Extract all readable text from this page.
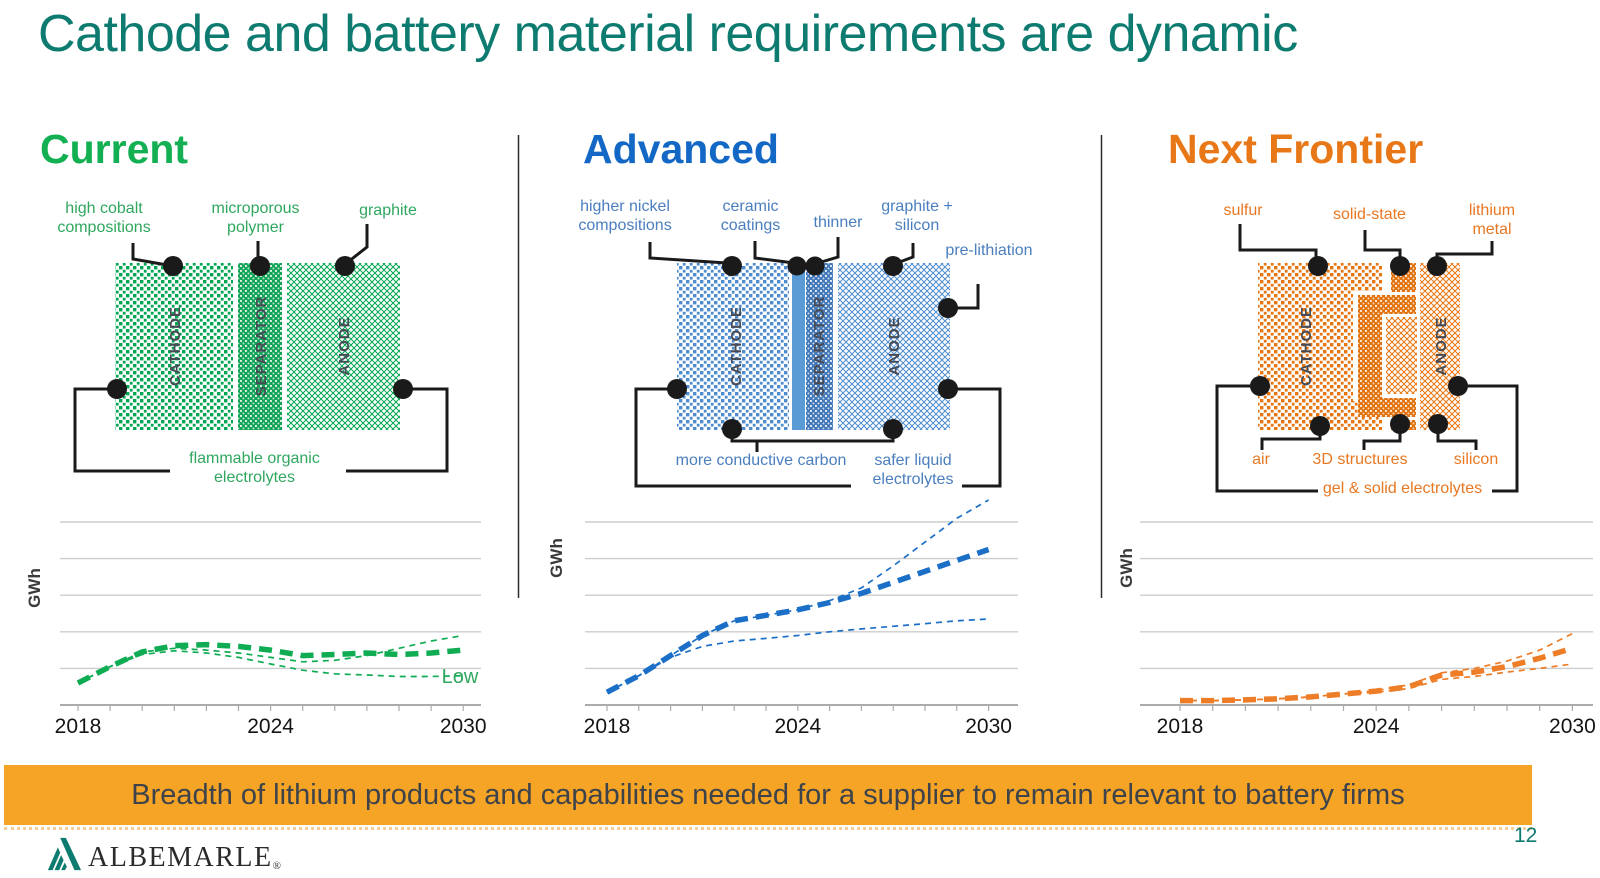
Cathode and battery material requirements are dynamic
Current	Advanced	Next Frontier
high cobalt compositions
microporous polymer
graphite
flammable organic electrolytes
Low
higher nickel compositions
ceramic coatings	thinner
graphite + silicon
pre-lithiation
more conductive carbon	safer liquid electrolytes
sulfur	solid-state	lithium metal
air	3D structures	silicon
gel & solid electrolytes
GWh
GWh	GWh
CATHODE	SEPARATOR	ANODE	CATHODE	SEPARATOR	ANODE	CATHODE	ANODE
2018	2024	2030	2018	2024	2030	2018	2024	2030
Breadth of lithium products and capabilities needed for a supplier to remain relevant to battery firms
$ALBEMARLE_®$
12
